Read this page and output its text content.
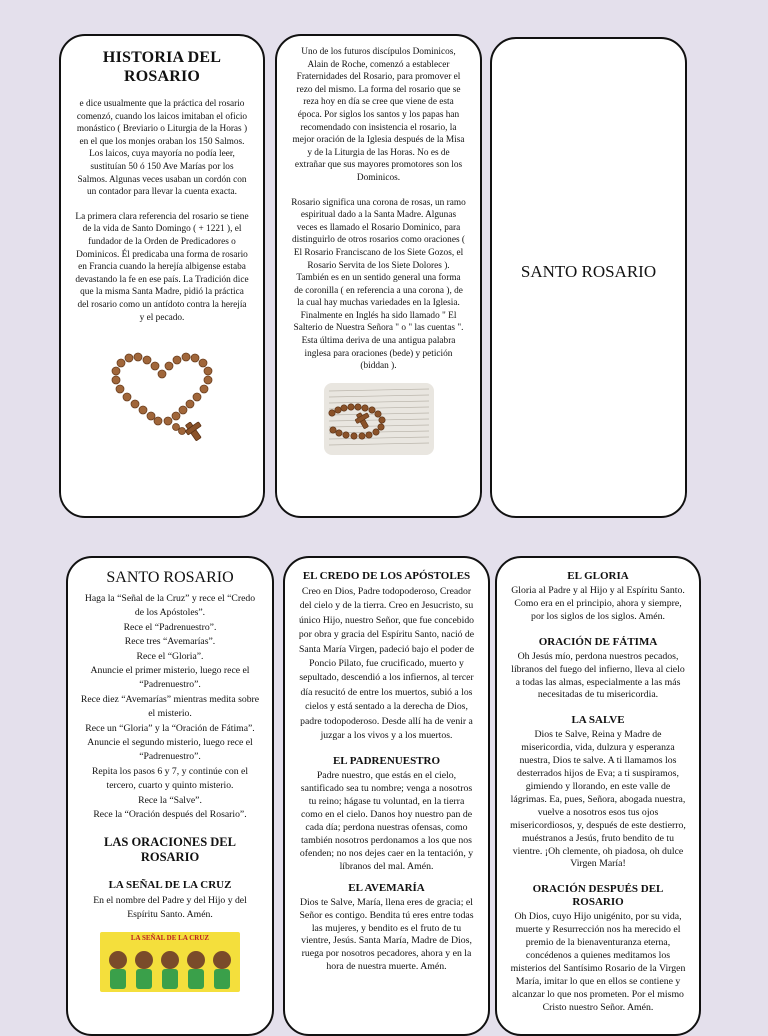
HISTORIA DEL ROSARIO

e dice usualmente que la práctica del rosario comenzó, cuando los laicos imitaban el oficio monástico ( Breviario o Liturgia de la Horas ) en el que los monjes oraban los 150 Salmos. Los laicos, cuya mayoría no podía leer, sustituían 50 ó 150 Ave Marías por los Salmos. Algunas veces usaban un cordón con un contador para llevar la cuenta exacta.

La primera clara referencia del rosario se tiene de la vida de Santo Domingo ( + 1221 ), el fundador de la Orden de Predicadores o Dominicos. Él predicaba una forma de rosario en Francia cuando la herejía albigense estaba devastando la fe en ese país. La Tradición dice que la misma Santa Madre, pidió la práctica del rosario como un antídoto contra la herejía y el pecado.

Uno de los futuros discípulos Dominicos, Alain de Roche, comenzó a establecer Fraternidades del Rosario, para promover el rezo del mismo. La forma del rosario que se reza hoy en día se cree que viene de esta época. Por siglos los santos y los papas han recomendado con insistencia el rosario, la mejor oración de la Iglesia después de la Misa y de la Liturgia de las Horas. No es de extrañar que sus mayores promotores son los Dominicos.

Rosario significa una corona de rosas, un ramo espiritual dado a la Santa Madre. Algunas veces es llamado el Rosario Dominico, para distinguirlo de otros rosarios como oraciones ( El Rosario Franciscano de los Siete Gozos, el Rosario Servita de los Siete Dolores ). También es en un sentido general una forma de coronilla ( en referencia a una corona ), de la cual hay muchas variedades en la Iglesia. Finalmente en Inglés ha sido llamado " El Salterio de Nuestra Señora " o " las cuentas ". Esta última deriva de una antigua palabra inglesa para oraciones (bede) y petición (biddan ).

SANTO ROSARIO
SANTO ROSARIO

Haga la “Señal de la Cruz” y rece el “Credo de los Apóstoles”.
Rece el “Padrenuestro”.
Rece tres “Avemarías”.
Rece el “Gloria”.
Anuncie el primer misterio, luego rece el “Padrenuestro”.
Rece diez “Avemarías” mientras medita sobre el misterio.
Rece un “Gloria” y la “Oración de Fátima”.
Anuncie el segundo misterio, luego rece el “Padrenuestro”.
Repita los pasos 6 y 7, y continúe con el tercero, cuarto y quinto misterio.
Rece la “Salve”.
Rece la “Oración después del Rosario”.

LAS ORACIONES DEL ROSARIO
LA SEÑAL DE LA CRUZ

En el nombre del Padre y del Hijo y del Espíritu Santo. Amén.

LA SEÑAL DE LA CRUZ
EL CREDO DE LOS APÓSTOLES

Creo en Dios, Padre todopoderoso, Creador del cielo y de la tierra. Creo en Jesucristo, su único Hijo, nuestro Señor, que fue concebido por obra y gracia del Espíritu Santo, nació de Santa María Virgen, padeció bajo el poder de Poncio Pilato, fue crucificado, muerto y sepultado, descendió a los infiernos, al tercer día resucitó de entre los muertos, subió a los cielos y está sentado a la derecha de Dios, padre todopoderoso. Desde allí ha de venir a juzgar a los vivos y a los muertos.

EL PADRENUESTRO

Padre nuestro, que estás en el cielo, santificado sea tu nombre; venga a nosotros tu reino; hágase tu voluntad, en la tierra como en el cielo. Danos hoy nuestro pan de cada día; perdona nuestras ofensas, como también nosotros perdonamos a los que nos ofenden; no nos dejes caer en la tentación, y líbranos del mal. Amén.

EL AVEMARÍA

Dios te Salve, María, llena eres de gracia; el Señor es contigo. Bendita tú eres entre todas las mujeres, y bendito es el fruto de tu vientre, Jesús. Santa María, Madre de Dios, ruega por nosotros pecadores, ahora y en la hora de nuestra muerte. Amén.

EL GLORIA

Gloria al Padre y al Hijo y al Espíritu Santo. Como era en el principio, ahora y siempre, por los siglos de los siglos. Amén.

ORACIÓN DE FÁTIMA

Oh Jesús mío, perdona nuestros pecados, líbranos del fuego del infierno, lleva al cielo a todas las almas, especialmente a las más necesitadas de tu misericordia.

LA SALVE

Dios te Salve, Reina y Madre de misericordia, vida, dulzura y esperanza nuestra, Dios te salve. A ti llamamos los desterrados hijos de Eva; a ti suspiramos, gimiendo y llorando, en este valle de lágrimas. Ea, pues, Señora, abogada nuestra, vuelve a nosotros esos tus ojos misericordiosos, y, después de este destierro, muéstranos a Jesús, fruto bendito de tu vientre. ¡Oh clemente, oh piadosa, oh dulce Virgen María!

ORACIÓN DESPUÉS DEL ROSARIO

Oh Dios, cuyo Hijo unigénito, por su vida, muerte y Resurrección nos ha merecido el premio de la bienaventuranza eterna, concédenos a quienes meditamos los misterios del Santísimo Rosario de la Virgen María, imitar lo que en ellos se contiene y alcanzar lo que nos prometen. Por el mismo Cristo nuestro Señor. Amén.
